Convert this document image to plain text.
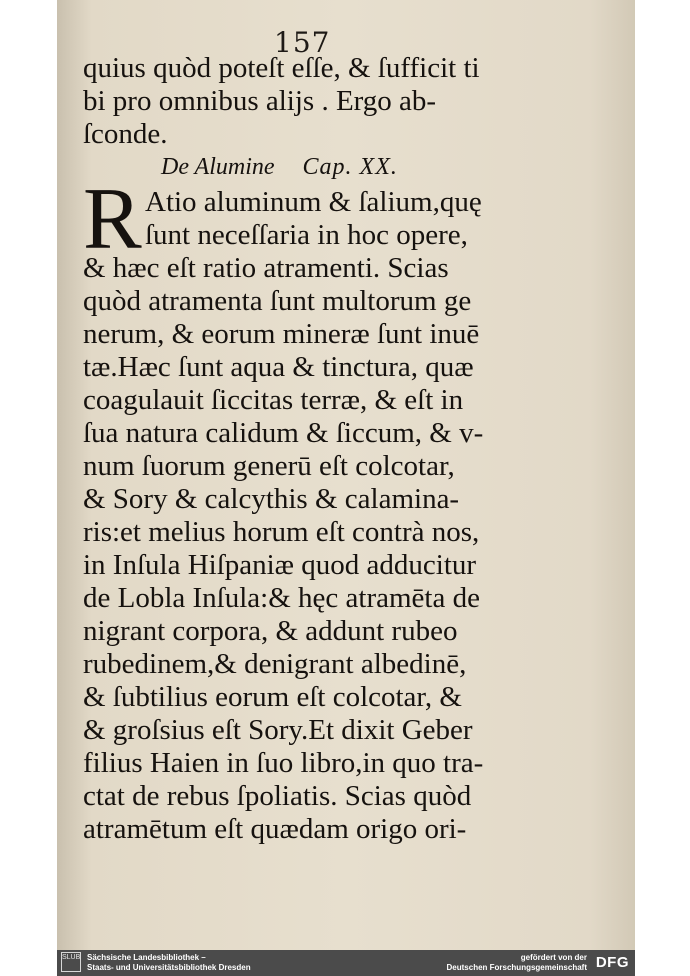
157
quius quòd poteſt eſſe, & ſufficit ti
bi pro omnibus alijs . Ergo ab-
ſconde.
De Alumine Cap. XX.
R Atio aluminum & ſalium,quę
ſunt neceſſaria in hoc opere,
& hæc eſt ratio atramenti. Scias
quòd atramenta ſunt multorum ge
nerum, & eorum mineræ ſunt inuē
tæ.Hæc ſunt aqua & tinctura, quæ
coagulauit ſiccitas terræ, & eſt in
ſua natura calidum & ſiccum, & v-
num ſuorum generū eſt colcotar,
& Sory & calcythis & calamina-
ris:et melius horum eſt contrà nos,
in Inſula Hiſpaniæ quod adducitur
de Lobla Inſula:& hęc atramēta de
nigrant corpora, & addunt rubeo
rubedinem,& denigrant albedinē,
& ſubtilius eorum eſt colcotar, &
& groſsius eſt Sory.Et dixit Geber
filius Haien in ſuo libro,in quo tra-
ctat de rebus ſpoliatis. Scias quòd
atramētum eſt quædam origo ori-
SLUB Sächsische Landesbibliothek –
Staats- und Universitätsbibliothek Dresden
gefördert von der
Deutschen Forschungsgemeinschaft DFG
